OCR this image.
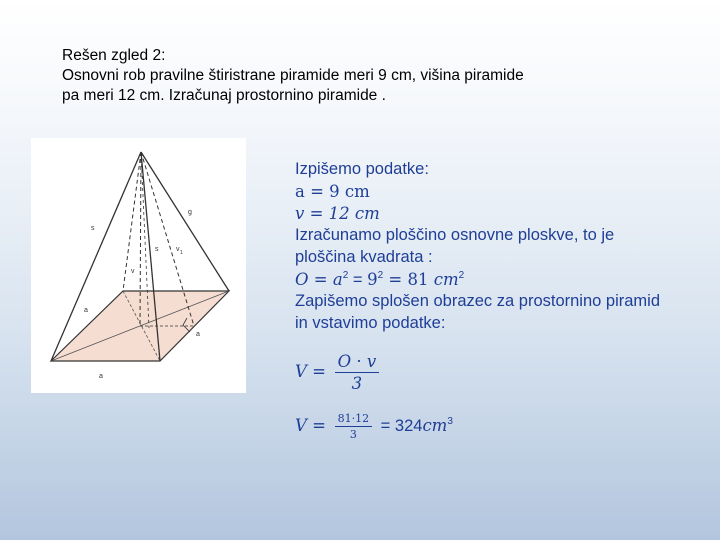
Rešen zgled 2:
Osnovni rob pravilne štiristrane piramide meri 9 cm, višina piramide
pa meri 12 cm. Izračunaj prostornino piramide .
s
g
s	v 1
v
a
a
a
Izpišemo podatke:
a = 9 cm
v = 12 cm
Izračunamo ploščino osnovne ploskve, to je
ploščina kvadrata :
$O = a^2 = 9^2 = 81$ $cm^2$
Zapišemo splošen obrazec za prostornino piramid
in vstavimo podatke:
$V = \frac{O \cdot v}{3}$
$V = \frac{81\cdot 12}{3} = 324cm^3$
